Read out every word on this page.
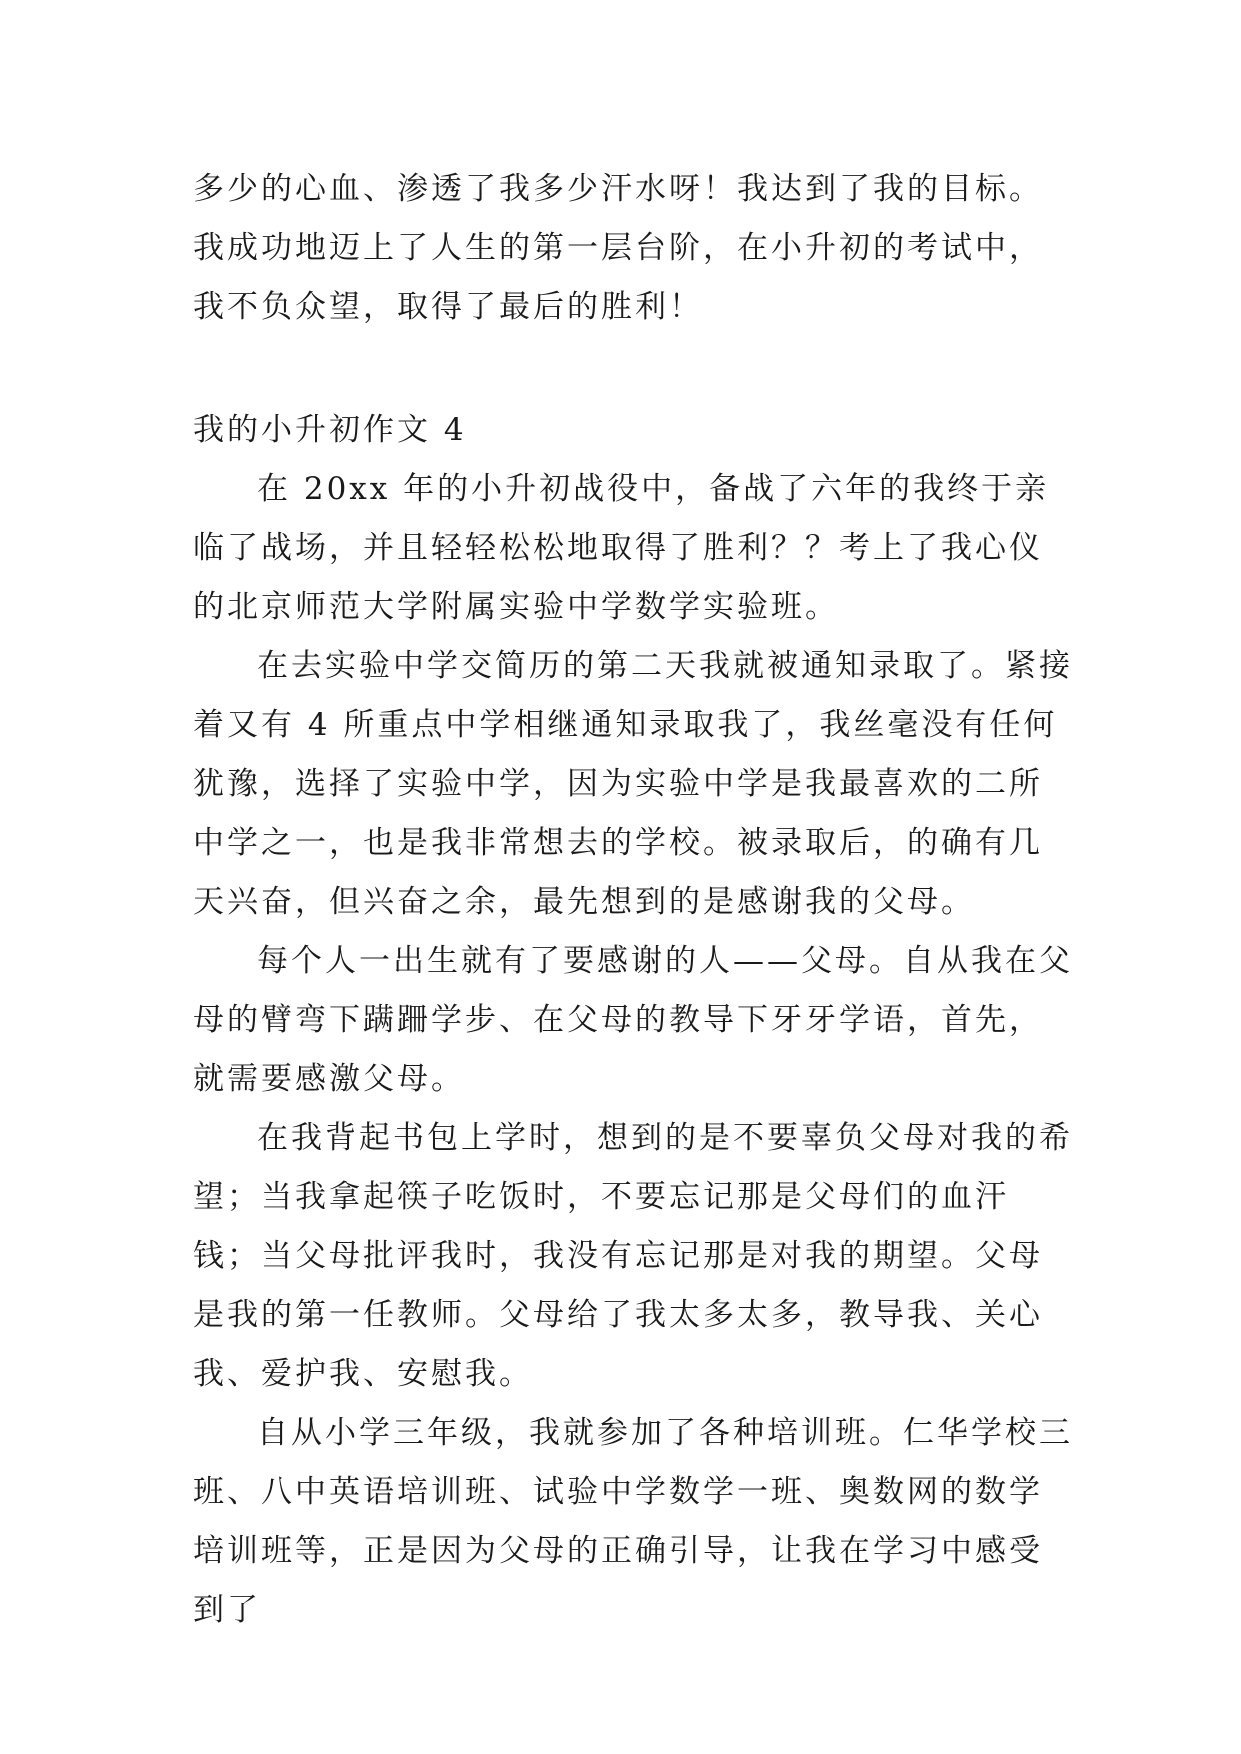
多少的心血、渗透了我多少汗水呀！我达到了我的目标。我成功地迈上了人生的第一层台阶，在小升初的考试中，我不负众望，取得了最后的胜利！

我的小升初作文 4

在 20xx 年的小升初战役中，备战了六年的我终于亲临了战场，并且轻轻松松地取得了胜利？？考上了我心仪的北京师范大学附属实验中学数学实验班。

在去实验中学交简历的第二天我就被通知录取了。紧接着又有 4 所重点中学相继通知录取我了，我丝毫没有任何犹豫，选择了实验中学，因为实验中学是我最喜欢的二所中学之一，也是我非常想去的学校。被录取后，的确有几天兴奋，但兴奋之余，最先想到的是感谢我的父母。

每个人一出生就有了要感谢的人——父母。自从我在父母的臂弯下蹒跚学步、在父母的教导下牙牙学语，首先，就需要感激父母。

在我背起书包上学时，想到的是不要辜负父母对我的希望；当我拿起筷子吃饭时，不要忘记那是父母们的血汗钱；当父母批评我时，我没有忘记那是对我的期望。父母是我的第一任教师。父母给了我太多太多，教导我、关心我、爱护我、安慰我。

自从小学三年级，我就参加了各种培训班。仁华学校三班、八中英语培训班、试验中学数学一班、奥数网的数学培训班等，正是因为父母的正确引导，让我在学习中感受到了
